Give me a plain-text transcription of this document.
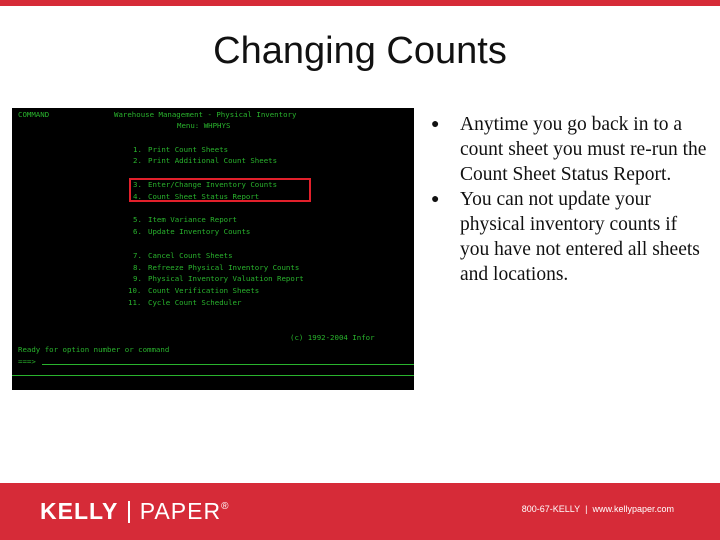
Changing Counts
COMMAND	Warehouse Management - Physical Inventory
Menu: WHPHYS
1. Print Count Sheets
2. Print Additional Count Sheets
3. Enter/Change Inventory Counts
4. Count Sheet Status Report
5. Item Variance Report
6. Update Inventory Counts
7. Cancel Count Sheets
8. Refreeze Physical Inventory Counts
9. Physical Inventory Valuation Report
10. Count Verification Sheets
11. Cycle Count Scheduler
(c) 1992-2004 Infor
Ready for option number or command
===>
● Anytime you go back in to a count sheet you must re-run the Count Sheet Status Report.
● You can not update your physical inventory counts if you have not entered all sheets and locations.
KELLY PAPER®	800-67-KELLY | www.kellypaper.com
